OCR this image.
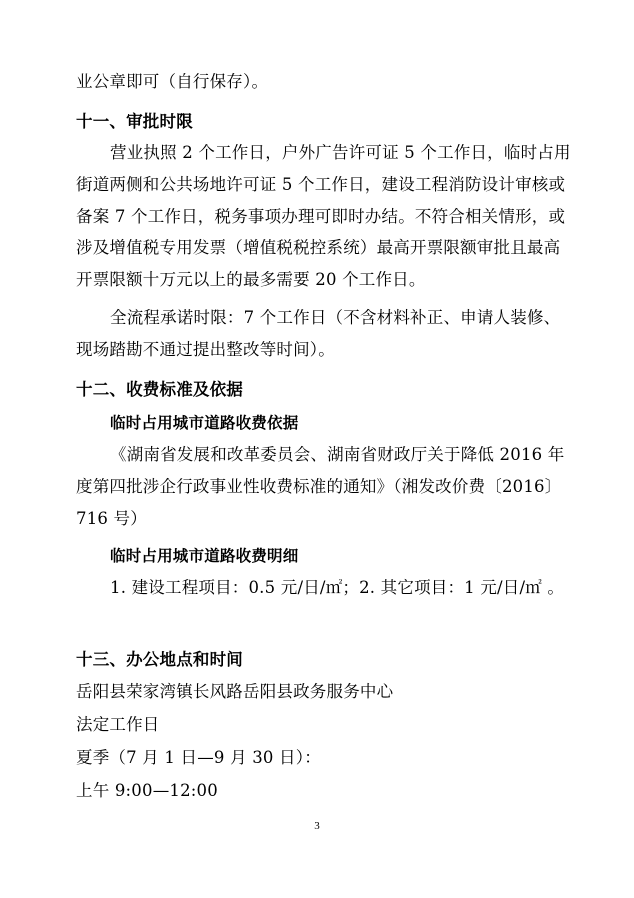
业公章即可（自行保存）。
十一、审批时限
营业执照 2 个工作日，户外广告许可证 5 个工作日，临时占用
街道两侧和公共场地许可证 5 个工作日，建设工程消防设计审核或
备案 7 个工作日，税务事项办理可即时办结。不符合相关情形，或
涉及增值税专用发票（增值税税控系统）最高开票限额审批且最高
开票限额十万元以上的最多需要 20 个工作日。
全流程承诺时限：7 个工作日（不含材料补正、申请人装修、
现场踏勘不通过提出整改等时间）。
十二、收费标准及依据
临时占用城市道路收费依据
《湖南省发展和改革委员会、湖南省财政厅关于降低 2016 年
度第四批涉企行政事业性收费标准的通知》（湘发改价费〔2016〕
716 号）
临时占用城市道路收费明细
1. 建设工程项目：0.5 元/日/㎡；2. 其它项目：1 元/日/㎡ 。
十三、办公地点和时间
岳阳县荣家湾镇长风路岳阳县政务服务中心
法定工作日
夏季（7 月 1 日—9 月 30 日）：
上午 9:00—12:00
3
